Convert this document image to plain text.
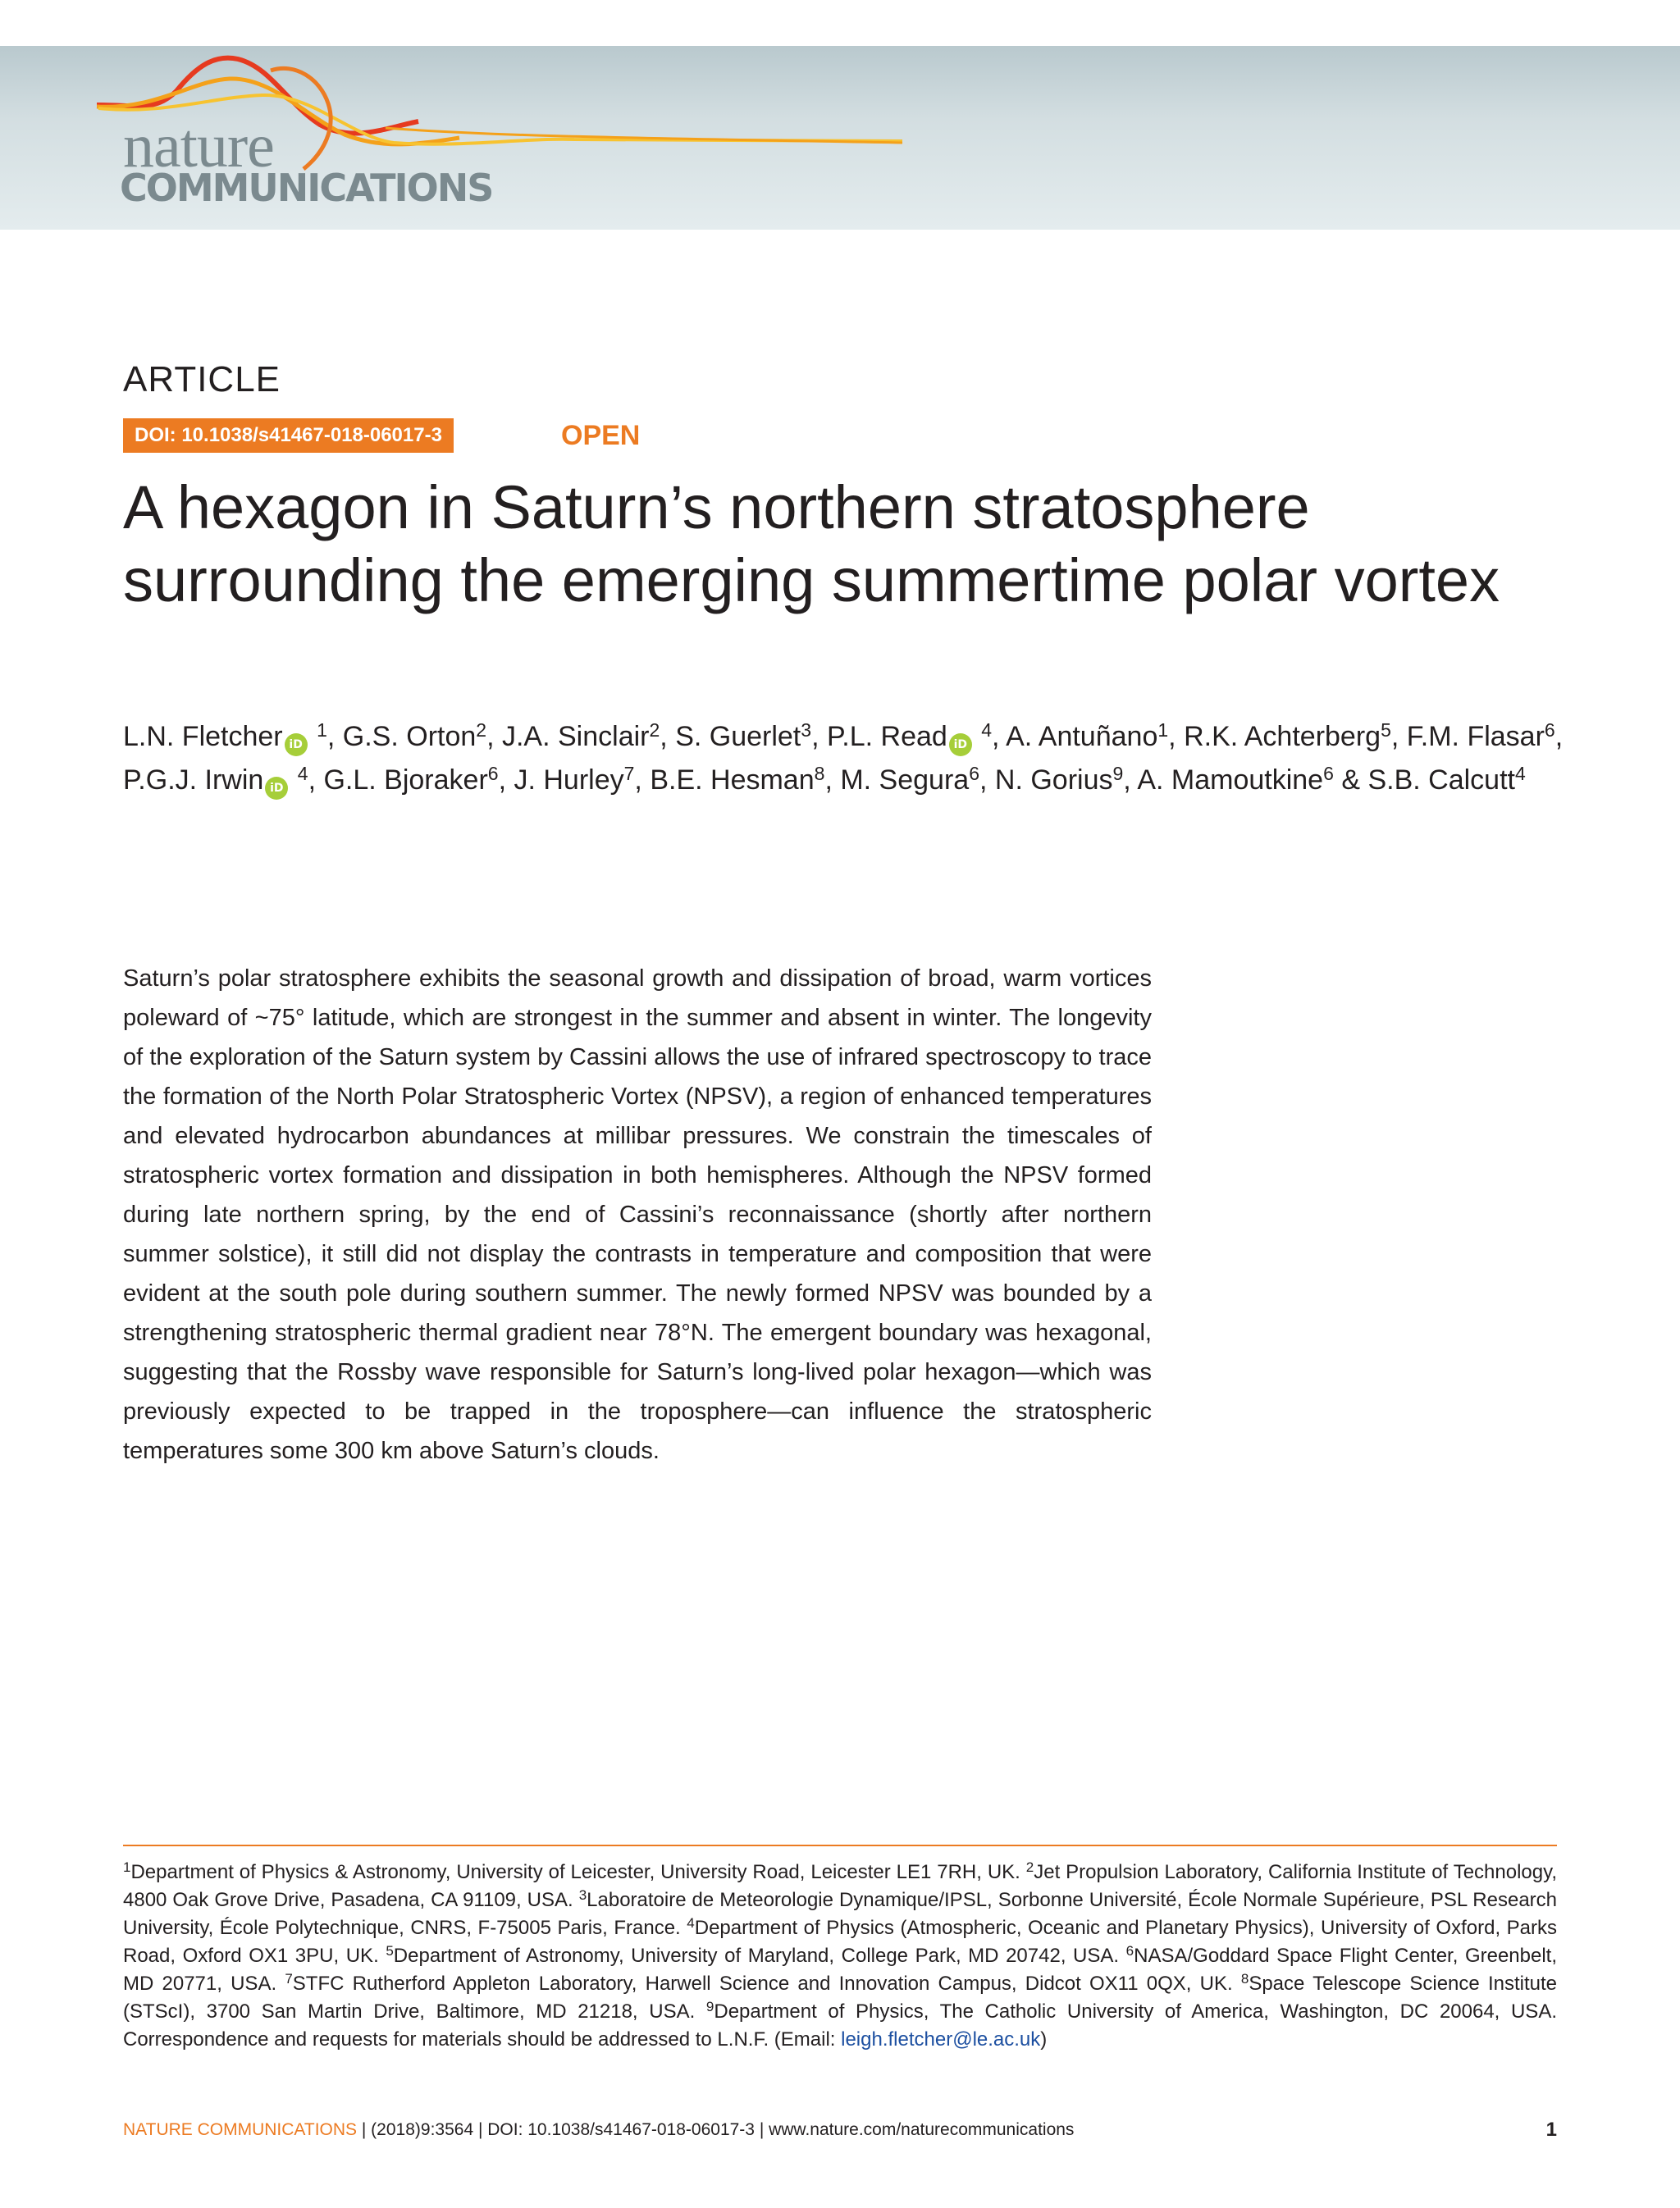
nature
COMMUNICATIONS
ARTICLE
DOI: 10.1038/s41467-018-06017-3	OPEN
A hexagon in Saturn’s northern stratosphere surrounding the emerging summertime polar vortex
L.N. Fletcher iD $^1$, G.S. Orton$^2$, J.A. Sinclair$^2$, S. Guerlet$^3$, P.L. Read iD $^4$, A. Antuñano$^1$, R.K. Achterberg$^5$, F.M. Flasar$^6$, P.G.J. Irwin iD $^4$, G.L. Bjoraker$^6$, J. Hurley$^7$, B.E. Hesman$^8$, M. Segura$^6$, N. Gorius$^9$, A. Mamoutkine$^6$ & S.B. Calcutt$^4$

Saturn’s polar stratosphere exhibits the seasonal growth and dissipation of broad, warm vortices poleward of ~75° latitude, which are strongest in the summer and absent in winter. The longevity of the exploration of the Saturn system by Cassini allows the use of infrared spectroscopy to trace the formation of the North Polar Stratospheric Vortex (NPSV), a region of enhanced temperatures and elevated hydrocarbon abundances at millibar pressures. We constrain the timescales of stratospheric vortex formation and dissipation in both hemispheres. Although the NPSV formed during late northern spring, by the end of Cassini’s reconnaissance (shortly after northern summer solstice), it still did not display the contrasts in temperature and composition that were evident at the south pole during southern summer. The newly formed NPSV was bounded by a strengthening stratospheric thermal gradient near 78°N. The emergent boundary was hexagonal, suggesting that the Rossby wave responsible for Saturn’s long-lived polar hexagon—which was previously expected to be trapped in the troposphere—can influence the stratospheric temperatures some 300 km above Saturn’s clouds.

$^1$Department of Physics & Astronomy, University of Leicester, University Road, Leicester LE1 7RH, UK. $^2$Jet Propulsion Laboratory, California Institute of Technology, 4800 Oak Grove Drive, Pasadena, CA 91109, USA. $^3$Laboratoire de Meteorologie Dynamique/IPSL, Sorbonne Université, École Normale Supérieure, PSL Research University, École Polytechnique, CNRS, F-75005 Paris, France. $^4$Department of Physics (Atmospheric, Oceanic and Planetary Physics), University of Oxford, Parks Road, Oxford OX1 3PU, UK. $^5$Department of Astronomy, University of Maryland, College Park, MD 20742, USA. $^6$NASA/Goddard Space Flight Center, Greenbelt, MD 20771, USA. $^7$STFC Rutherford Appleton Laboratory, Harwell Science and Innovation Campus, Didcot OX11 0QX, UK. $^8$Space Telescope Science Institute (STScI), 3700 San Martin Drive, Baltimore, MD 21218, USA. $^9$Department of Physics, The Catholic University of America, Washington, DC 20064, USA. Correspondence and requests for materials should be addressed to L.N.F. (Email: leigh.fletcher@le.ac.uk)
NATURE COMMUNICATIONS | (2018)9:3564 | DOI: 10.1038/s41467-018-06017-3 | www.nature.com/naturecommunications	1
